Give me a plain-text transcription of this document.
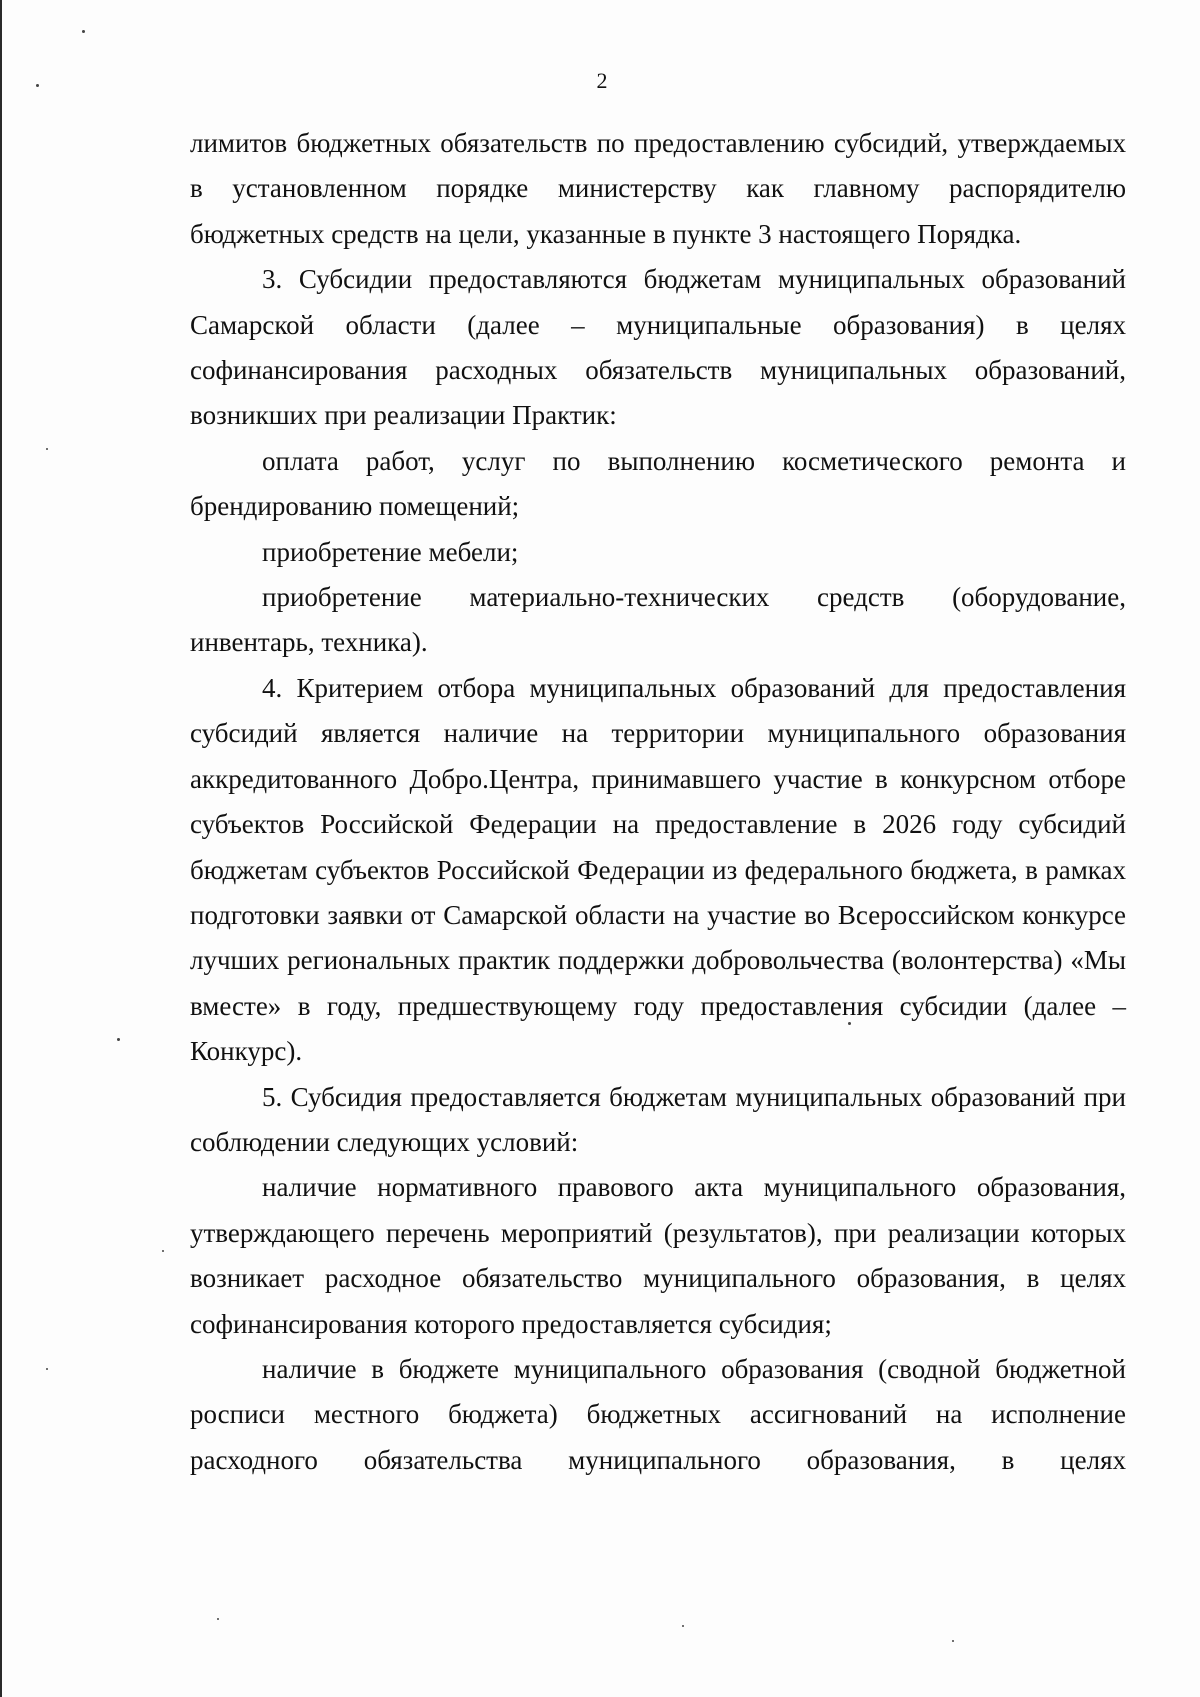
2

лимитов бюджетных обязательств по предоставлению субсидий, утверждаемых в установленном порядке министерству как главному распорядителю бюджетных средств на цели, указанные в пункте 3 настоящего Порядка.

3. Субсидии предоставляются бюджетам муниципальных образований Самарской области (далее – муниципальные образования) в целях софинансирования расходных обязательств муниципальных образований, возникших при реализации Практик:

оплата работ, услуг по выполнению косметического ремонта и брендированию помещений;

приобретение мебели;

приобретение материально-технических средств (оборудование, инвентарь, техника).

4. Критерием отбора муниципальных образований для предоставления субсидий является наличие на территории муниципального образования аккредитованного Добро.Центра, принимавшего участие в конкурсном отборе субъектов Российской Федерации на предоставление в 2026 году субсидий бюджетам субъектов Российской Федерации из федерального бюджета, в рамках подготовки заявки от Самарской области на участие во Всероссийском конкурсе лучших региональных практик поддержки добровольчества (волонтерства) «Мы вместе» в году, предшествующему году предоставления субсидии (далее – Конкурс).

5. Субсидия предоставляется бюджетам муниципальных образований при соблюдении следующих условий:

наличие нормативного правового акта муниципального образования, утверждающего перечень мероприятий (результатов), при реализации которых возникает расходное обязательство муниципального образования, в целях софинансирования которого предоставляется субсидия;

наличие в бюджете муниципального образования (сводной бюджетной росписи местного бюджета) бюджетных ассигнований на исполнение расходного обязательства муниципального образования, в целях
